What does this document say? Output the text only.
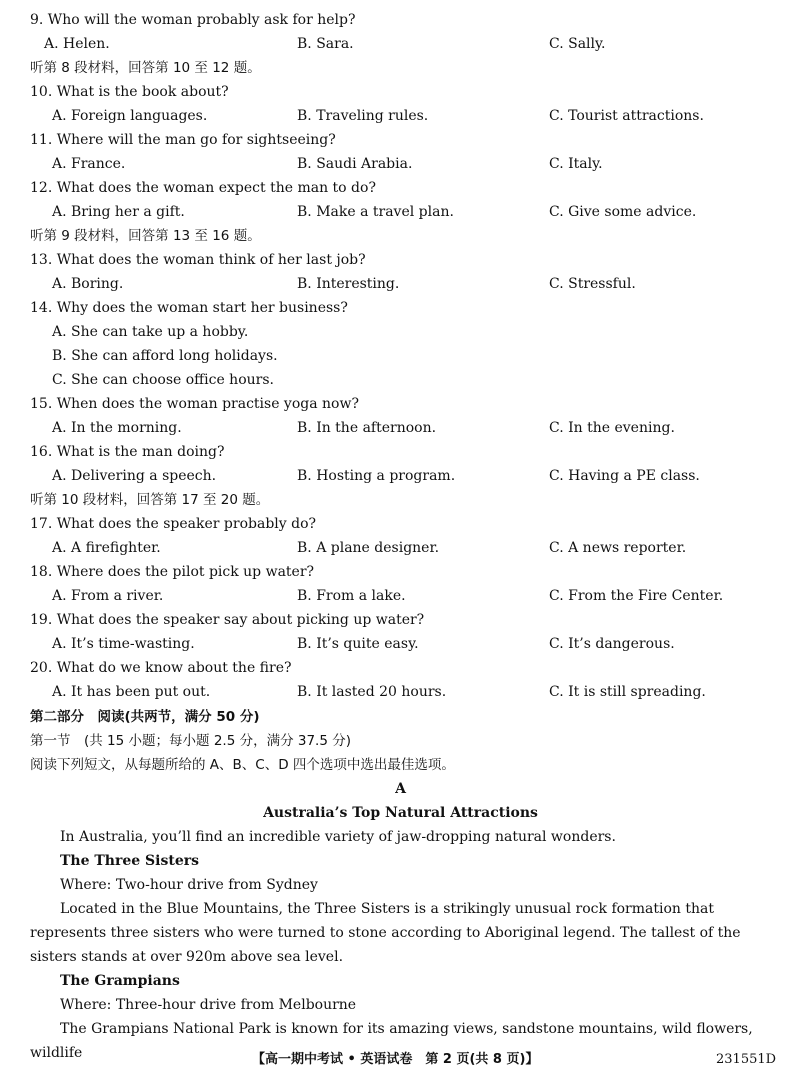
9. Who will the woman probably ask for help?
A. Helen.	B. Sara.	C. Sally.
听第 8 段材料，回答第 10 至 12 题。
10. What is the book about?
A. Foreign languages.	B. Traveling rules.	C. Tourist attractions.
11. Where will the man go for sightseeing?
A. France.	B. Saudi Arabia.	C. Italy.
12. What does the woman expect the man to do?
A. Bring her a gift.	B. Make a travel plan.	C. Give some advice.
听第 9 段材料，回答第 13 至 16 题。
13. What does the woman think of her last job?
A. Boring.	B. Interesting.	C. Stressful.
14. Why does the woman start her business?
A. She can take up a hobby.
B. She can afford long holidays.
C. She can choose office hours.
15. When does the woman practise yoga now?
A. In the morning.	B. In the afternoon.	C. In the evening.
16. What is the man doing?
A. Delivering a speech.	B. Hosting a program.	C. Having a PE class.
听第 10 段材料，回答第 17 至 20 题。
17. What does the speaker probably do?
A. A firefighter.	B. A plane designer.	C. A news reporter.
18. Where does the pilot pick up water?
A. From a river.	B. From a lake.	C. From the Fire Center.
19. What does the speaker say about picking up water?
A. It’s time-wasting.	B. It’s quite easy.	C. It’s dangerous.
20. What do we know about the fire?
A. It has been put out.	B. It lasted 20 hours.	C. It is still spreading.
第二部分　阅读(共两节，满分 50 分)
第一节　(共 15 小题；每小题 2.5 分，满分 37.5 分)
阅读下列短文，从每题所给的 A、B、C、D 四个选项中选出最佳选项。
A
Australia’s Top Natural Attractions
In Australia, you’ll find an incredible variety of jaw-dropping natural wonders.
The Three Sisters
Where: Two-hour drive from Sydney
Located in the Blue Mountains, the Three Sisters is a strikingly unusual rock formation that represents three sisters who were turned to stone according to Aboriginal legend. The tallest of the sisters stands at over 920m above sea level.
The Grampians
Where: Three-hour drive from Melbourne
The Grampians National Park is known for its amazing views, sandstone mountains, wild flowers, wildlife	【高一期中考试 • 英语试卷　第 2 页(共 8 页)】	231551D
